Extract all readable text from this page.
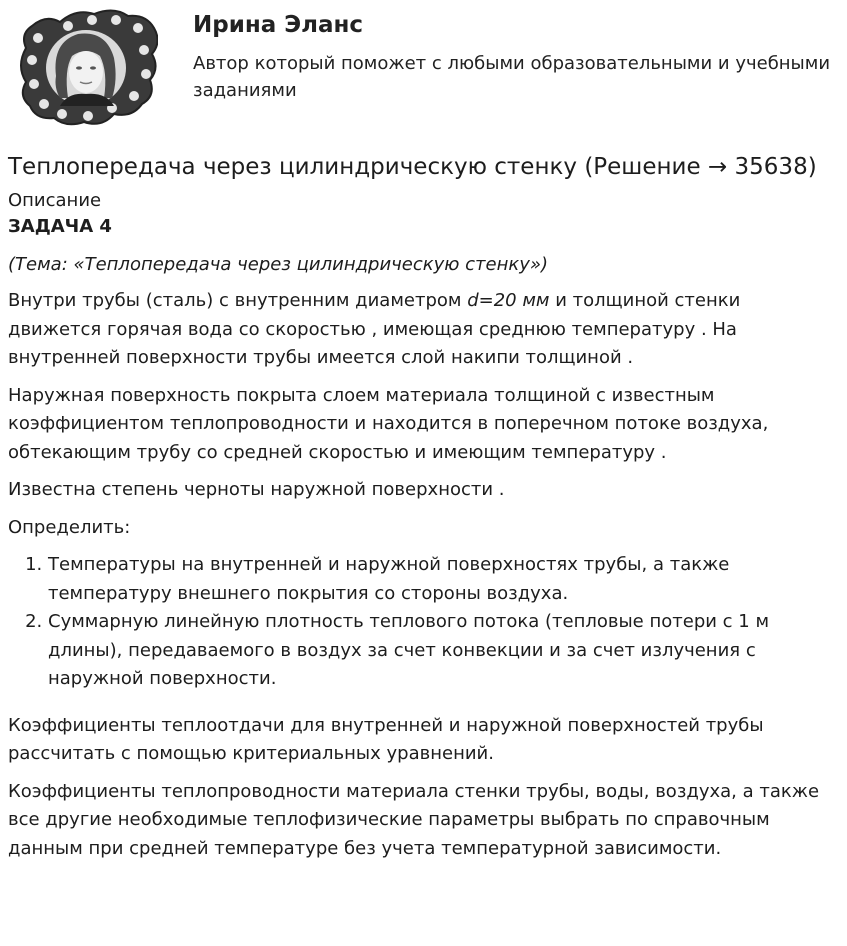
Ирина Эланс

Автор который поможет с любыми образовательными и учебными заданиями

Теплопередача через цилиндрическую стенку (Решение → 35638)
Описание
ЗАДАЧА 4
(Тема: «Теплопередача через цилиндрическую стенку»)

Внутри трубы (сталь) с внутренним диаметром d=20 мм и толщиной стенки движется горячая вода со скоростью , имеющая среднюю температуру . На внутренней поверхности трубы имеется слой накипи толщиной .

Наружная поверхность покрыта слоем материала толщиной с известным коэффициентом теплопроводности и находится в поперечном потоке воздуха, обтекающим трубу со средней скоростью и имеющим температуру .

Известна степень черноты наружной поверхности .

Определить:

1. Температуры на внутренней и наружной поверхностях трубы, а также температуру внешнего покрытия со стороны воздуха.
2. Суммарную линейную плотность теплового потока (тепловые потери с 1 м длины), передаваемого в воздух за счет конвекции и за счет излучения с наружной поверхности.

Коэффициенты теплоотдачи для внутренней и наружной поверхностей трубы рассчитать с помощью критериальных уравнений.

Коэффициенты теплопроводности материала стенки трубы, воды, воздуха, а также все другие необходимые теплофизические параметры выбрать по справочным данным при средней температуре без учета температурной зависимости.
